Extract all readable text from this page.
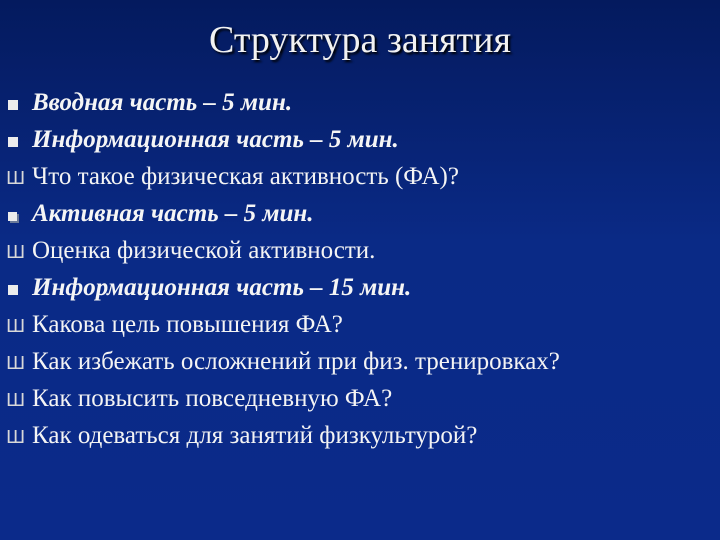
Структура занятия
Вводная часть – 5 мин.
Информационная часть – 5 мин.
Ш Что такое физическая активность (ФА)?
Активная часть – 5 мин.
Ш Оценка физической активности.
Информационная часть – 15 мин.
Ш Какова цель повышения ФА?
Ш Как избежать осложнений при физ. тренировках?
Ш Как повысить повседневную ФА?
Ш Как одеваться для занятий физкультурой?
